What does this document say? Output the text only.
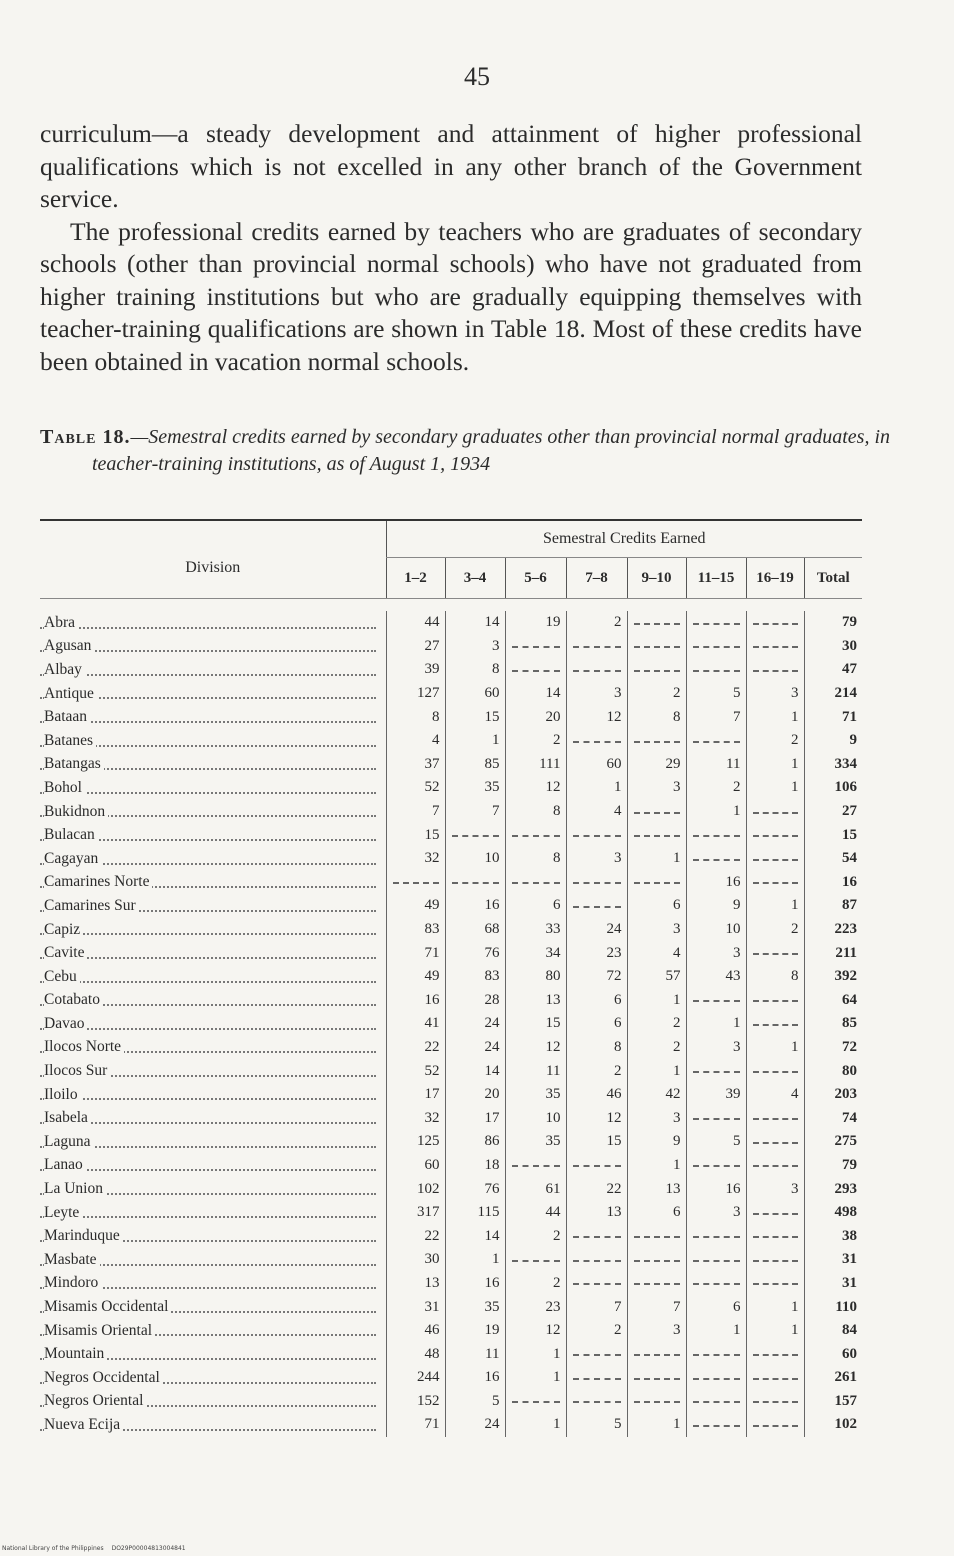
45

curriculum—a steady development and attainment of higher professional qualifications which is not excelled in any other branch of the Government service.

The professional credits earned by teachers who are graduates of secondary schools (other than provincial normal schools) who have not graduated from higher training institutions but who are gradually equipping themselves with teacher-training qualifications are shown in Table 18. Most of these credits have been obtained in vacation normal schools.

Table 18.—Semestral credits earned by secondary graduates other than provincial normal graduates, in teacher-training institutions, as of August 1, 1934
Division	Semestral Credits Earned							
	1–2	3–4	5–6	7–8	9–10	11–15	16–19	Total

Abra	44	14	19	2				79

Agusan	27	3						30

Albay	39	8						47

Antique	127	60	14	3	2	5	3	214

Bataan	8	15	20	12	8	7	1	71

Batanes	4	1	2				2	9

Batangas	37	85	111	60	29	11	1	334

Bohol	52	35	12	1	3	2	1	106

Bukidnon	7	7	8	4		1		27

Bulacan	15							15

Cagayan	32	10	8	3	1			54

Camarines Norte						16		16

Camarines Sur	49	16	6		6	9	1	87

Capiz	83	68	33	24	3	10	2	223

Cavite	71	76	34	23	4	3		211

Cebu	49	83	80	72	57	43	8	392

Cotabato	16	28	13	6	1			64

Davao	41	24	15	6	2	1		85

Ilocos Norte	22	24	12	8	2	3	1	72

Ilocos Sur	52	14	11	2	1			80

Iloilo	17	20	35	46	42	39	4	203

Isabela	32	17	10	12	3			74

Laguna	125	86	35	15	9	5		275

Lanao	60	18			1			79

La Union	102	76	61	22	13	16	3	293

Leyte	317	115	44	13	6	3		498

Marinduque	22	14	2					38

Masbate	30	1						31

Mindoro	13	16	2					31

Misamis Occidental	31	35	23	7	7	6	1	110

Misamis Oriental	46	19	12	2	3	1	1	84

Mountain	48	11	1					60

Negros Occidental	244	16	1					261

Negros Oriental	152	5						157

Nueva Ecija	71	24	1	5	1			102
National Library of the Philippines DO29P00004813004841
